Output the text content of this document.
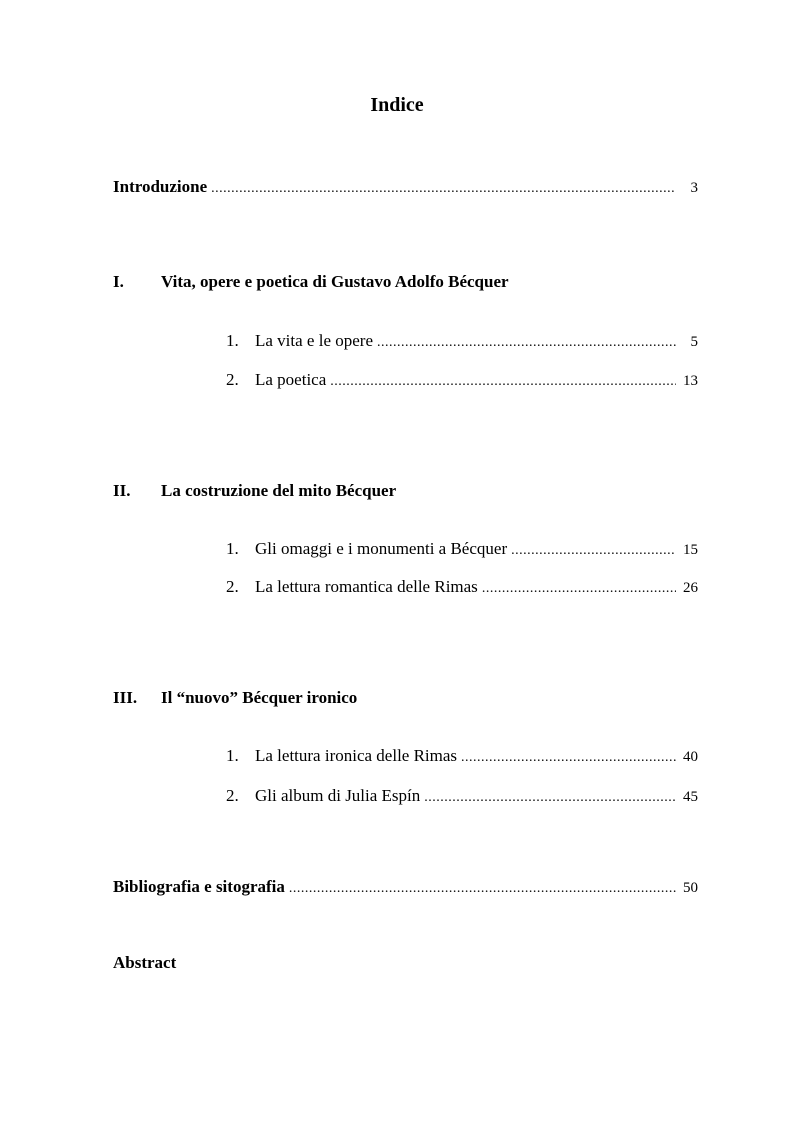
Indice
Introduzione .....	3
I.	Vita, opere e poetica di Gustavo Adolfo Bécquer
1. La vita e le opere .....	5
2. La poetica .....	13
II.	La costruzione del mito Bécquer
1. Gli omaggi e i monumenti a Bécquer .....	15
2. La lettura romantica delle Rimas .....	26
III.	Il “nuovo” Bécquer ironico
1. La lettura ironica delle Rimas .....	40
2. Gli album di Julia Espín .....	45
Bibliografia e sitografia .....	50
Abstract
